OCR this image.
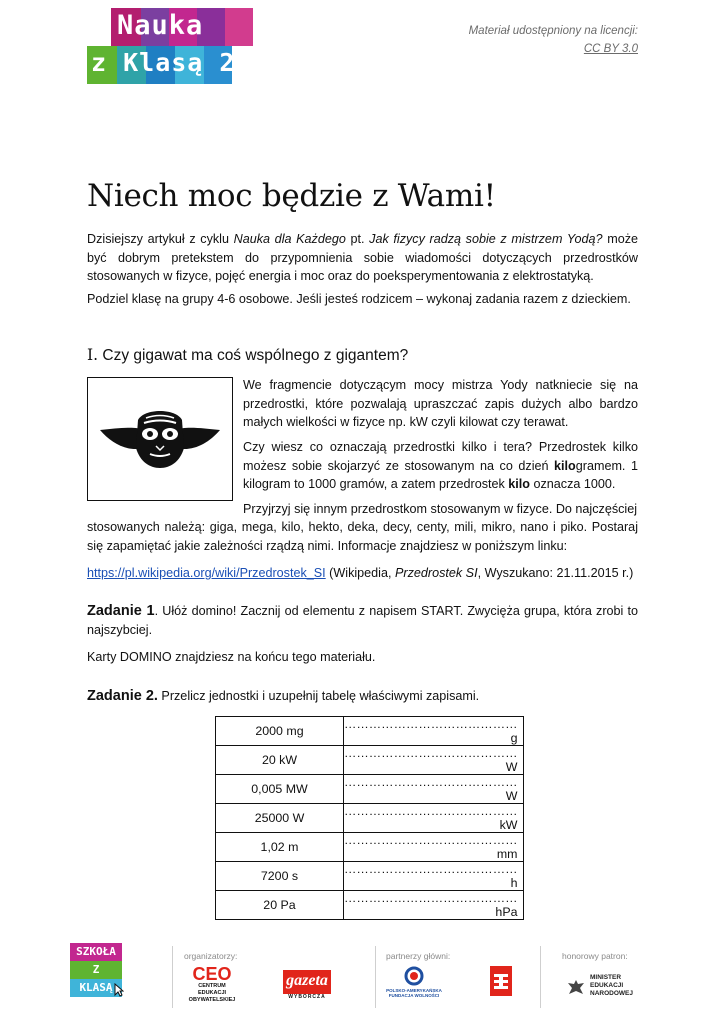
Nauka
z Klasą 2.0
Materiał udostępniony na licencji:
CC BY 3.0
Niech moc będzie z Wami!

Dzisiejszy artykuł z cyklu Nauka dla Każdego pt. Jak fizycy radzą sobie z mistrzem Yodą? może być dobrym pretekstem do przypomnienia sobie wiadomości dotyczących przedrostków stosowanych w fizyce, pojęć energia i moc oraz do poeksperymentowania z elektrostatyką.

Podziel klasę na grupy 4-6 osobowe. Jeśli jesteś rodzicem – wykonaj zadania razem z dzieckiem.

I. Czy gigawat ma coś wspólnego z gigantem?

We fragmencie dotyczącym mocy mistrza Yody natkniecie się na przedrostki, które pozwalają upraszczać zapis dużych albo bardzo małych wielkości w fizyce np. kW czyli kilowat czy terawat.

Czy wiesz co oznaczają przedrostki kilko i tera? Przedrostek kilko możesz sobie skojarzyć ze stosowanym na co dzień kilogramem. 1 kilogram to 1000 gramów, a zatem przedrostek kilo oznacza 1000.

Przyjrzyj się innym przedrostkom stosowanym w fizyce. Do najczęściej

stosowanych należą: giga, mega, kilo, hekto, deka, decy, centy, mili, mikro, nano i piko. Postaraj się zapamiętać jakie zależności rządzą nimi. Informacje znajdziesz w poniższym linku:

https://pl.wikipedia.org/wiki/Przedrostek_SI (Wikipedia, Przedrostek SI, Wyszukano: 21.11.2015 r.)

Zadanie 1. Ułóż domino! Zacznij od elementu z napisem START. Zwycięża grupa, która zrobi to najszybciej.

Karty DOMINO znajdziesz na końcu tego materiału.

Zadanie 2. Przelicz jednostki i uzupełnij tabelę właściwymi zapisami.

2000 mg	……………………………………g
20 kW	……………………………………W
0,005 MW	……………………………………W
25000 W	……………………………………kW
1,02 m	……………………………………mm
7200 s	……………………………………h
20 Pa	……………………………………hPa
SZKOŁA Z KLASĄ 2.0
organizatorzy:
CEO
CENTRUM EDUKACJI OBYWATELSKIEJ
gazeta
WYBORCZA
partnerzy główni:
POLSKO-AMERYKAŃSKA FUNDACJA WOLNOŚCI
honorowy patron:
MINISTER
EDUKACJI
NARODOWEJ
